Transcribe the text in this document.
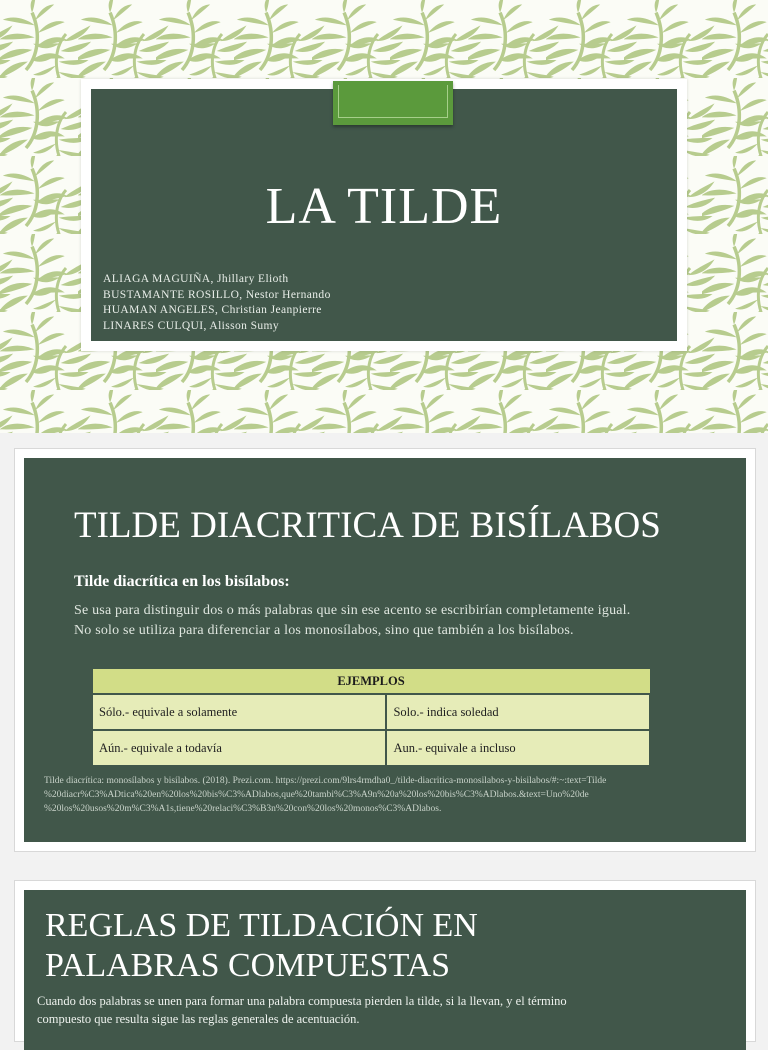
LA TILDE
ALIAGA MAGUIÑA, Jhillary Elioth
BUSTAMANTE ROSILLO, Nestor Hernando
HUAMAN ANGELES, Christian Jeanpierre
LINARES CULQUI, Alisson Sumy
TILDE DIACRITICA DE BISÍLABOS
Tilde diacrítica en los bisílabos:

Se usa para distinguir dos o más palabras que sin ese acento se escribirían completamente igual.

No solo se utiliza para diferenciar a los monosílabos, sino que también a los bisílabos.

EJEMPLOS	
Sólo.- equivale a solamente	Solo.- indica soledad
Aún.- equivale a todavía	Aun.- equivale a incluso

Tilde diacrítica: monosílabos y bisílabos. (2018). Prezi.com. https://prezi.com/9lrs4rmdha0_/tilde-diacritica-monosilabos-y-bisilabos/#:~:text=Tilde

%20diacr%C3%ADtica%20en%20los%20bis%C3%ADlabos,que%20tambi%C3%A9n%20a%20los%20bis%C3%ADlabos.&text=Uno%20de

%20los%20usos%20m%C3%A1s,tiene%20relaci%C3%B3n%20con%20los%20monos%C3%ADlabos.

REGLAS DE TILDACIÓN EN
PALABRAS COMPUESTAS

Cuando dos palabras se unen para formar una palabra compuesta pierden la tilde, si la llevan, y el término

compuesto que resulta sigue las reglas generales de acentuación.
